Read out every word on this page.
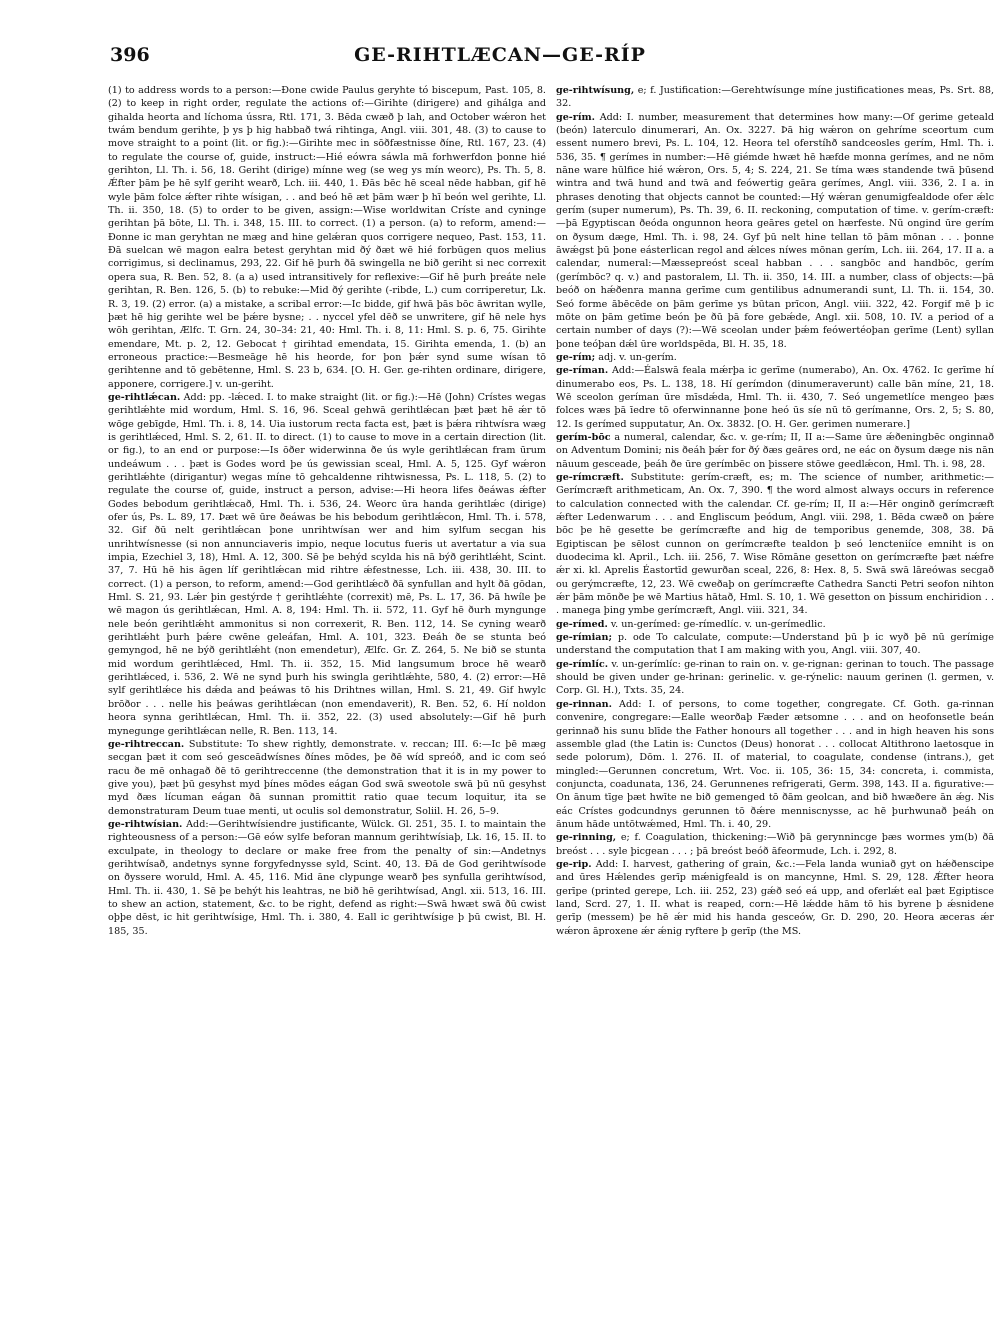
396	GE-RIHTLÆCAN—GE-RÍP

(1) to address words to a person:—Ðone cwide Paulus geryhte tó biscepum, Past. 105, 8. (2) to keep in right order, regulate the actions of:—Girihte (dirigere) and gihálga and gihalda heorta and líchoma ússra, Rtl. 171, 3. Bēda cwæð þ lah, and October wǽron het twám bendum gerihte, þ ys þ hig habbað twá rihtinga, Angl. viii. 301, 48. (3) to cause to move straight to a point (lit. or fig.):—Girihte mec in sōðfæstnisse ðíne, Rtl. 167, 23. (4) to regulate the course of, guide, instruct:—Hié eówra sáwla mā forhwerfdon þonne hié gerihton, Ll. Th. i. 56, 18. Geriht (dirige) mínne weg (se weg ys mín weorc), Ps. Th. 5, 8. Ǽfter þām þe hē sylf geriht wearð, Lch. iii. 440, 1. Ðās bēc hē sceal nēde habban, gif hē wyle þām folce ǽfter rihte wísigan, . . and beó hē æt þām wær þ hī beón wel gerihte, Ll. Th. ii. 350, 18. (5) to order to be given, assign:—Wise worldwitan Críste and cyninge gerihtan þā bōte, Ll. Th. i. 348, 15. III. to correct. (1) a person. (a) to reform, amend:—Ðonne ic man geryhtan ne mæg and hine gelǽran quos corrigere nequeo, Past. 153, 11. Ðā suelcan wē magon ealra betest geryhtan mid ðý ðæt wē hié forbūgen quos melius corrigimus, si declinamus, 293, 22. Gif hē þurh ðā swingella ne bið geriht si nec correxit opera sua, R. Ben. 52, 8. (a a) used intransitively for reflexive:—Gif hē þurh þreáte nele gerihtan, R. Ben. 126, 5. (b) to rebuke:—Mid ðý gerihte (-ribde, L.) cum corriperetur, Lk. R. 3, 19. (2) error. (a) a mistake, a scribal error:—Ic bidde, gif hwā þās bōc āwritan wylle, þæt hē hig gerihte wel be þǽre bysne; . . nyccel yfel dēð se unwritere, gif hē nele hys wōh gerihtan, Ælfc. T. Grn. 24, 30–34: 21, 40: Hml. Th. i. 8, 11: Hml. S. p. 6, 75. Girihte emendare, Mt. p. 2, 12. Gebocat † girihtad emendata, 15. Girihta emenda, 1. (b) an erroneous practice:—Besmeāge hē his heorde, for þon þǽr synd sume wísan tō gerihtenne and tō gebētenne, Hml. S. 23 b, 634. [O. H. Ger. ge-rihten ordinare, dirigere, apponere, corrigere.] v. un-geriht.

ge-rihtlǽcan. Add: pp. -lǽced. I. to make straight (lit. or fig.):—Hē (John) Crístes wegas gerihtlǽhte mid wordum, Hml. S. 16, 96. Sceal gehwā gerihtlǽcan þæt þæt hē ǽr tō wōge gebīgde, Hml. Th. i. 8, 14. Uia iustorum recta facta est, þæt is þǽra rihtwísra wæg is gerihtlǽced, Hml. S. 2, 61. II. to direct. (1) to cause to move in a certain direction (lit. or fig.), to an end or purpose:—Is ōðer widerwinna ðe ús wyle gerihtlǽcan fram ūrum undeáwum . . . þæt is Godes word þe ús gewissian sceal, Hml. A. 5, 125. Gyf wǽron gerihtlǽhte (dirigantur) wegas míne tō gehcaldenne rihtwisnessa, Ps. L. 118, 5. (2) to regulate the course of, guide, instruct a person, advise:—Hi heora lifes ðeáwas ǽfter Godes bebodum gerihtlǽcað, Hml. Th. i. 536, 24. Weorc ūra handa gerihtlǽc (dirige) ofer ús, Ps. L. 89, 17. Þæt wē ūre ðeáwas be his bebodum gerihtlǽcon, Hml. Th. i. 578, 32. Gif ðū nelt gerihtlǽcan þone unrihtwísan wer and him sylfum secgan his unrihtwísnesse (si non annunciaveris impio, neque locutus fueris ut avertatur a via sua impia, Ezechiel 3, 18), Hml. A. 12, 300. Sē þe behýd scylda his nā býð gerihtlǽht, Scint. 37, 7. Hū hē his āgen líf gerihtlǽcan mid rihtre ǽfestnesse, Lch. iii. 438, 30. III. to correct. (1) a person, to reform, amend:—God gerihtlǽcð ðā synfullan and hylt ðā gōdan, Hml. S. 21, 93. Lǽr þin gestýrde † gerihtlǽhte (correxit) mē, Ps. L. 17, 36. Þā hwíle þe wē magon ús gerihtlǽcan, Hml. A. 8, 194: Hml. Th. ii. 572, 11. Gyf hē ðurh myngunge nele beón gerihtlǽht ammonitus si non correxerit, R. Ben. 112, 14. Se cyning wearð gerihtlǽht þurh þǽre cwēne geleáfan, Hml. A. 101, 323. Ðeáh ðe se stunta beó gemyngod, hē ne býð gerihtlǽht (non emendetur), Ælfc. Gr. Z. 264, 5. Ne bið se stunta mid wordum gerihtlǽced, Hml. Th. ii. 352, 15. Mid langsumum broce hē wearð gerihtlǽced, i. 536, 2. Wē ne synd þurh his swingla gerihtlǽhte, 580, 4. (2) error:—Hē sylf gerihtlǽce his dǽda and þeáwas tō his Drihtnes willan, Hml. S. 21, 49. Gif hwylc brōðor . . . nelle his þeáwas gerihtlǽcan (non emendaverit), R. Ben. 52, 6. Hí noldon heora synna gerihtlǽcan, Hml. Th. ii. 352, 22. (3) used absolutely:—Gif hē þurh mynegunge gerihtlǽcan nelle, R. Ben. 113, 14.

ge-rihtreccan. Substitute: To shew rightly, demonstrate. v. reccan; III. 6:—Ic þē mæg secgan þæt it com seó gesceādwísnes ðínes mōdes, þe ðē wíd spreóð, and ic com seó racu ðe mē onhagað ðē tō gerihtreccenne (the demonstration that it is in my power to give you), þæt þū gesyhst myd þínes mōdes eágan God swā sweotole swā þū nū gesyhst myd ðæs lícuman eágan ðā sunnan promittit ratio quae tecum loquitur, ita se demonstraturam Deum tuae menti, ut oculis sol demonstratur, Soliil. H. 26, 5–9.

ge-rihtwísian. Add:—Gerihtwísiendre justificante, Wülck. Gl. 251, 35. I. to maintain the righteousness of a person:—Gē eów sylfe beforan mannum gerihtwísiaþ, Lk. 16, 15. II. to exculpate, in theology to declare or make free from the penalty of sin:—Andetnys gerihtwísað, andetnys synne forgyfednysse syld, Scint. 40, 13. Ðā de God gerihtwísode on ðyssere woruld, Hml. A. 45, 116. Mid āne clypunge wearð þes synfulla gerihtwísod, Hml. Th. ii. 430, 1. Sē þe behýt his leahtras, ne bið hē gerihtwísad, Angl. xii. 513, 16. III. to shew an action, statement, &c. to be right, defend as right:—Swā hwæt swā ðū cwist oþþe dēst, ic hit gerihtwísige, Hml. Th. i. 380, 4. Eall ic gerihtwísige þ þū cwist, Bl. H. 185, 35.

ge-rihtwísung, e; f. Justification:—Gerehtwísunge míne justificationes meas, Ps. Srt. 88, 32.

ge-rím. Add: I. number, measurement that determines how many:—Of gerime geteald (beón) laterculo dinumerari, An. Ox. 3227. Þā hig wǽron on gehríme sceortum cum essent numero brevi, Ps. L. 104, 12. Heora tel oferstíhð sandceosles gerím, Hml. Th. i. 536, 35. ¶ gerímes in number:—Hē giémde hwæt hē hæfde monna gerímes, and ne nōm nāne ware hūlfice hié wǽron, Ors. 5, 4; S. 224, 21. Se tíma wæs standende twā þūsend wintra and twā hund and twā and feówertig geāra gerímes, Angl. viii. 336, 2. I a. in phrases denoting that objects cannot be counted:—Hý wǽran genumigfealdode ofer ǽlc gerím (super numerum), Ps. Th. 39, 6. II. reckoning, computation of time. v. gerím-cræft:—þā Egyptiscan ðeóda ongunnon heora geāres getel on hærfeste. Nū ongind ūre gerím on ðysum dæge, Hml. Th. i. 98, 24. Gyf þū nelt hine tellan tō þām mōnan . . . þonne āwǽgst þū þone eásterlican regol and ǽlces níwes mōnan gerím, Lch. iii. 264, 17. II a. a calendar, numeral:—Mæssepreóst sceal habban . . . sangbōc and handbōc, gerím (gerímbōc? q. v.) and pastoralem, Ll. Th. ii. 350, 14. III. a number, class of objects:—þā beóð on hǽðenra manna gerīme cum gentilibus adnumerandi sunt, Ll. Th. ii. 154, 30. Seó forme ābēcēde on þām gerīme ys būtan prīcon, Angl. viii. 322, 42. Forgif mē þ ic mōte on þām getīme beón þe ðū þā fore gebǽde, Angl. xii. 508, 10. IV. a period of a certain number of days (?):—Wē sceolan under þǽm feówertéoþan gerīme (Lent) syllan þone teóþan dǽl ūre worldspēda, Bl. H. 35, 18.

ge-rím; adj. v. un-gerím.

ge-ríman. Add:—Éalswā feala mǽrþa ic gerīme (numerabo), An. Ox. 4762. Ic gerīme hí dinumerabo eos, Ps. L. 138, 18. Hí gerímdon (dinumeraverunt) calle bān míne, 21, 18. Wē sceolon geríman ūre mīsdǽda, Hml. Th. ii. 430, 7. Seó ungemetlíce mengeo þæs folces wæs þā īedre tō oferwinnanne þone heó ūs síe nū tō gerímanne, Ors. 2, 5; S. 80, 12. Is gerímed supputatur, An. Ox. 3832. [O. H. Ger. gerimen numerare.]

gerím-bōc a numeral, calendar, &c. v. ge-rím; II, II a:—Same ūre ǽðeningbēc onginnað on Adventum Domini; nis ðeáh þǽr for ðý ðæs geāres ord, ne eác on ðysum dæge nis nān nāuum gesceade, þeáh ðe ūre gerímbēc on þissere stōwe geedlǽcon, Hml. Th. i. 98, 28.

ge-rímcræft. Substitute: gerím-cræft, es; m. The science of number, arithmetic:—Gerímcræft arithmeticam, An. Ox. 7, 390. ¶ the word almost always occurs in reference to calculation connected with the calendar. Cf. ge-rím; II, II a:—Hēr onginð gerímcræft ǽfter Ledenwarum . . . and Engliscum þeódum, Angl. viii. 298, 1. Bēda cwæð on þǽre bōc þe hē gesette be gerímcræfte and hig de temporibus genemde, 308, 38. Þā Egiptiscan þe sēlost cunnon on gerímcræfte tealdon þ seó lencteniíce emniht is on duodecima kl. April., Lch. iii. 256, 7. Wise Rōmāne gesetton on gerímcræfte þæt nǽfre ǽr xi. kl. Aprelis Éastortīd gewurðan sceal, 226, 8: Hex. 8, 5. Swā swā lāreówas secgað ou gerýmcræfte, 12, 23. Wē cweðaþ on gerímcræfte Cathedra Sancti Petri seofon nihton ǽr þām mōnðe þe wē Martius hātað, Hml. S. 10, 1. Wē gesetton on þissum enchiridion . . . manega þing ymbe gerímcræft, Angl. viii. 321, 34.

ge-rímed. v. un-gerímed: ge-rímedlíc. v. un-gerímedlic.

ge-rímian; p. ode To calculate, compute:—Understand þū þ ic wyð þē nū gerímige understand the computation that I am making with you, Angl. viii. 307, 40.

ge-rímlíc. v. un-gerímlíc: ge-rinan to rain on. v. ge-rignan: gerinan to touch. The passage should be given under ge-hrinan: gerinelic. v. ge-rýnelic: nauum gerinen (l. germen, v. Corp. Gl. H.), Txts. 35, 24.

ge-rinnan. Add: I. of persons, to come together, congregate. Cf. Goth. ga-rinnan convenire, congregare:—Ealle weorðaþ Fæder ætsomne . . . and on heofonsetle beán gerinnað his sunu blīde the Father honours all together . . . and in high heaven his sons assemble glad (the Latin is: Cunctos (Deus) honorat . . . collocat Altithrono laetosque in sede polorum), Dōm. l. 276. II. of material, to coagulate, condense (intrans.), get mingled:—Gerunnen concretum, Wrt. Voc. ii. 105, 36: 15, 34: concreta, i. commista, conjuncta, coadunata, 136, 24. Gerunnenes refrigerati, Germ. 398, 143. II a. figurative:—On ānum tīge þæt hwīte ne bið gemenged tō ðām geolcan, and bið hwæðere ān ǽg. Nis eác Crístes godcundnys gerunnen tō ðǽre menniscnysse, ac hē þurhwunað þeáh on ānum hāde untōtwǽmed, Hml. Th. i. 40, 29.

ge-rinning, e; f. Coagulation, thickening:—Wið þā gerynnincge þæs wormes ym(b) ðā breóst . . . syle þicgean . . . ; þā breóst beóð āfeormude, Lch. i. 292, 8.

ge-rip. Add: I. harvest, gathering of grain, &c.:—Fela landa wuniað gyt on hǽðenscipe and ūres Hǽlendes gerīp mǽnigfeald is on mancynne, Hml. S. 29, 128. Ǽfter heora gerīpe (printed gerepe, Lch. iii. 252, 23) gǽð seó eá upp, and oferlǽt eal þæt Egiptisce land, Scrd. 27, 1. II. what is reaped, corn:—Hē lǽdde hām tō his byrene þ ǽsnidene gerīp (messem) þe hē ǽr mid his handa gesceów, Gr. D. 290, 20. Heora æceras ǽr wǽron āproxene ǽr ǽnig ryftere þ gerīp (the MS.
